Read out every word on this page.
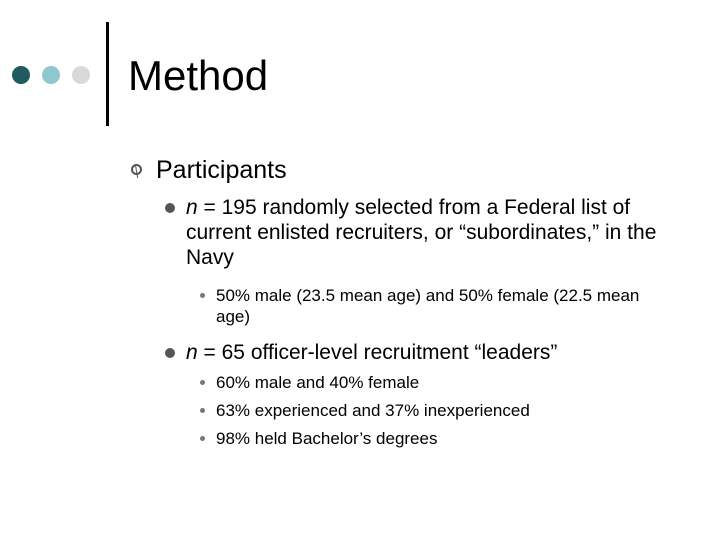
Method
Participants
n = 195 randomly selected from a Federal list of current enlisted recruiters, or “subordinates,” in the Navy
50% male (23.5 mean age) and 50% female (22.5 mean age)
n = 65 officer-level recruitment “leaders”
60% male and 40% female
63% experienced and 37% inexperienced
98% held Bachelor’s degrees
